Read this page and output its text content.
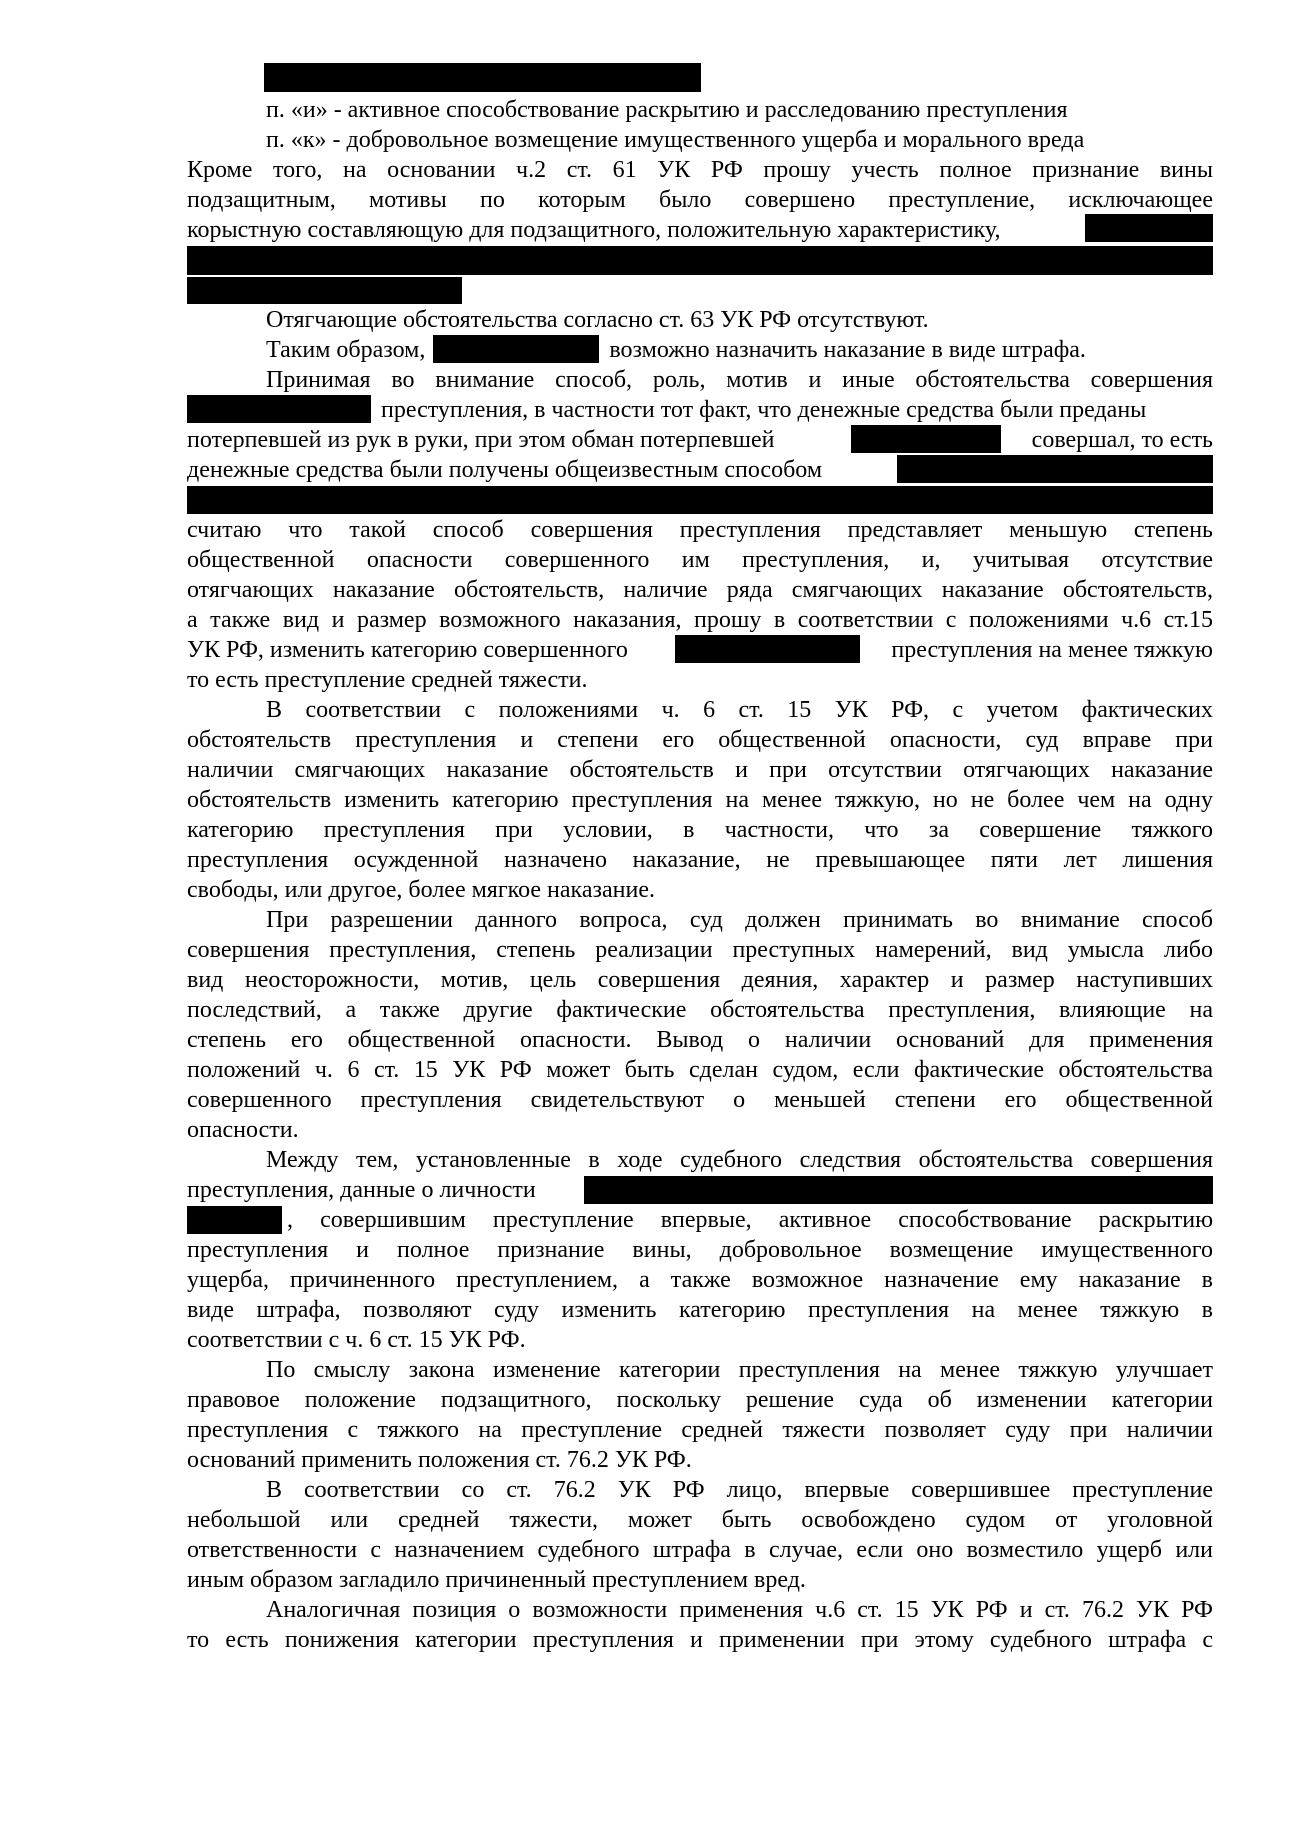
п. «и» - активное способствование раскрытию и расследованию преступления
п. «к» - добровольное возмещение имущественного ущерба и морального вреда
Кроме того, на основании ч.2 ст. 61 УК РФ прошу учесть полное признание вины
подзащитным, мотивы по которым было совершено преступление, исключающее
корыстную составляющую для подзащитного, положительную характеристику,
Отягчающие обстоятельства согласно ст. 63 УК РФ отсутствуют.
Таким образом,	возможно назначить наказание в виде штрафа.
Принимая во внимание способ, роль, мотив и иные обстоятельства совершения
преступления, в частности тот факт, что денежные средства были преданы
потерпевшей из рук в руки, при этом обман потерпевшей	совершал, то есть
денежные средства были получены общеизвестным способом
считаю что такой способ совершения преступления представляет меньшую степень
общественной опасности совершенного им преступления, и, учитывая отсутствие
отягчающих наказание обстоятельств, наличие ряда смягчающих наказание обстоятельств,
а также вид и размер возможного наказания, прошу в соответствии с положениями ч.6 ст.15
УК РФ, изменить категорию совершенного	преступления на менее тяжкую
то есть преступление средней тяжести.
В соответствии с положениями ч. 6 ст. 15 УК РФ, с учетом фактических
обстоятельств преступления и степени его общественной опасности, суд вправе при
наличии смягчающих наказание обстоятельств и при отсутствии отягчающих наказание
обстоятельств изменить категорию преступления на менее тяжкую, но не более чем на одну
категорию преступления при условии, в частности, что за совершение тяжкого
преступления осужденной назначено наказание, не превышающее пяти лет лишения
свободы, или другое, более мягкое наказание.
При разрешении данного вопроса, суд должен принимать во внимание способ
совершения преступления, степень реализации преступных намерений, вид умысла либо
вид неосторожности, мотив, цель совершения деяния, характер и размер наступивших
последствий, а также другие фактические обстоятельства преступления, влияющие на
степень его общественной опасности. Вывод о наличии оснований для применения
положений ч. 6 ст. 15 УК РФ может быть сделан судом, если фактические обстоятельства
совершенного преступления свидетельствуют о меньшей степени его общественной
опасности.
Между тем, установленные в ходе судебного следствия обстоятельства совершения
преступления, данные о личности
, совершившим преступление впервые, активное способствование раскрытию
преступления и полное признание вины, добровольное возмещение имущественного
ущерба, причиненного преступлением, а также возможное назначение ему наказание в
виде штрафа, позволяют суду изменить категорию преступления на менее тяжкую в
соответствии с ч. 6 ст. 15 УК РФ.
По смыслу закона изменение категории преступления на менее тяжкую улучшает
правовое положение подзащитного, поскольку решение суда об изменении категории
преступления с тяжкого на преступление средней тяжести позволяет суду при наличии
оснований применить положения ст. 76.2 УК РФ.
В соответствии со ст. 76.2 УК РФ лицо, впервые совершившее преступление
небольшой или средней тяжести, может быть освобождено судом от уголовной
ответственности с назначением судебного штрафа в случае, если оно возместило ущерб или
иным образом загладило причиненный преступлением вред.
Аналогичная позиция о возможности применения ч.6 ст. 15 УК РФ и ст. 76.2 УК РФ
то есть понижения категории преступления и применении при этому судебного штрафа с
